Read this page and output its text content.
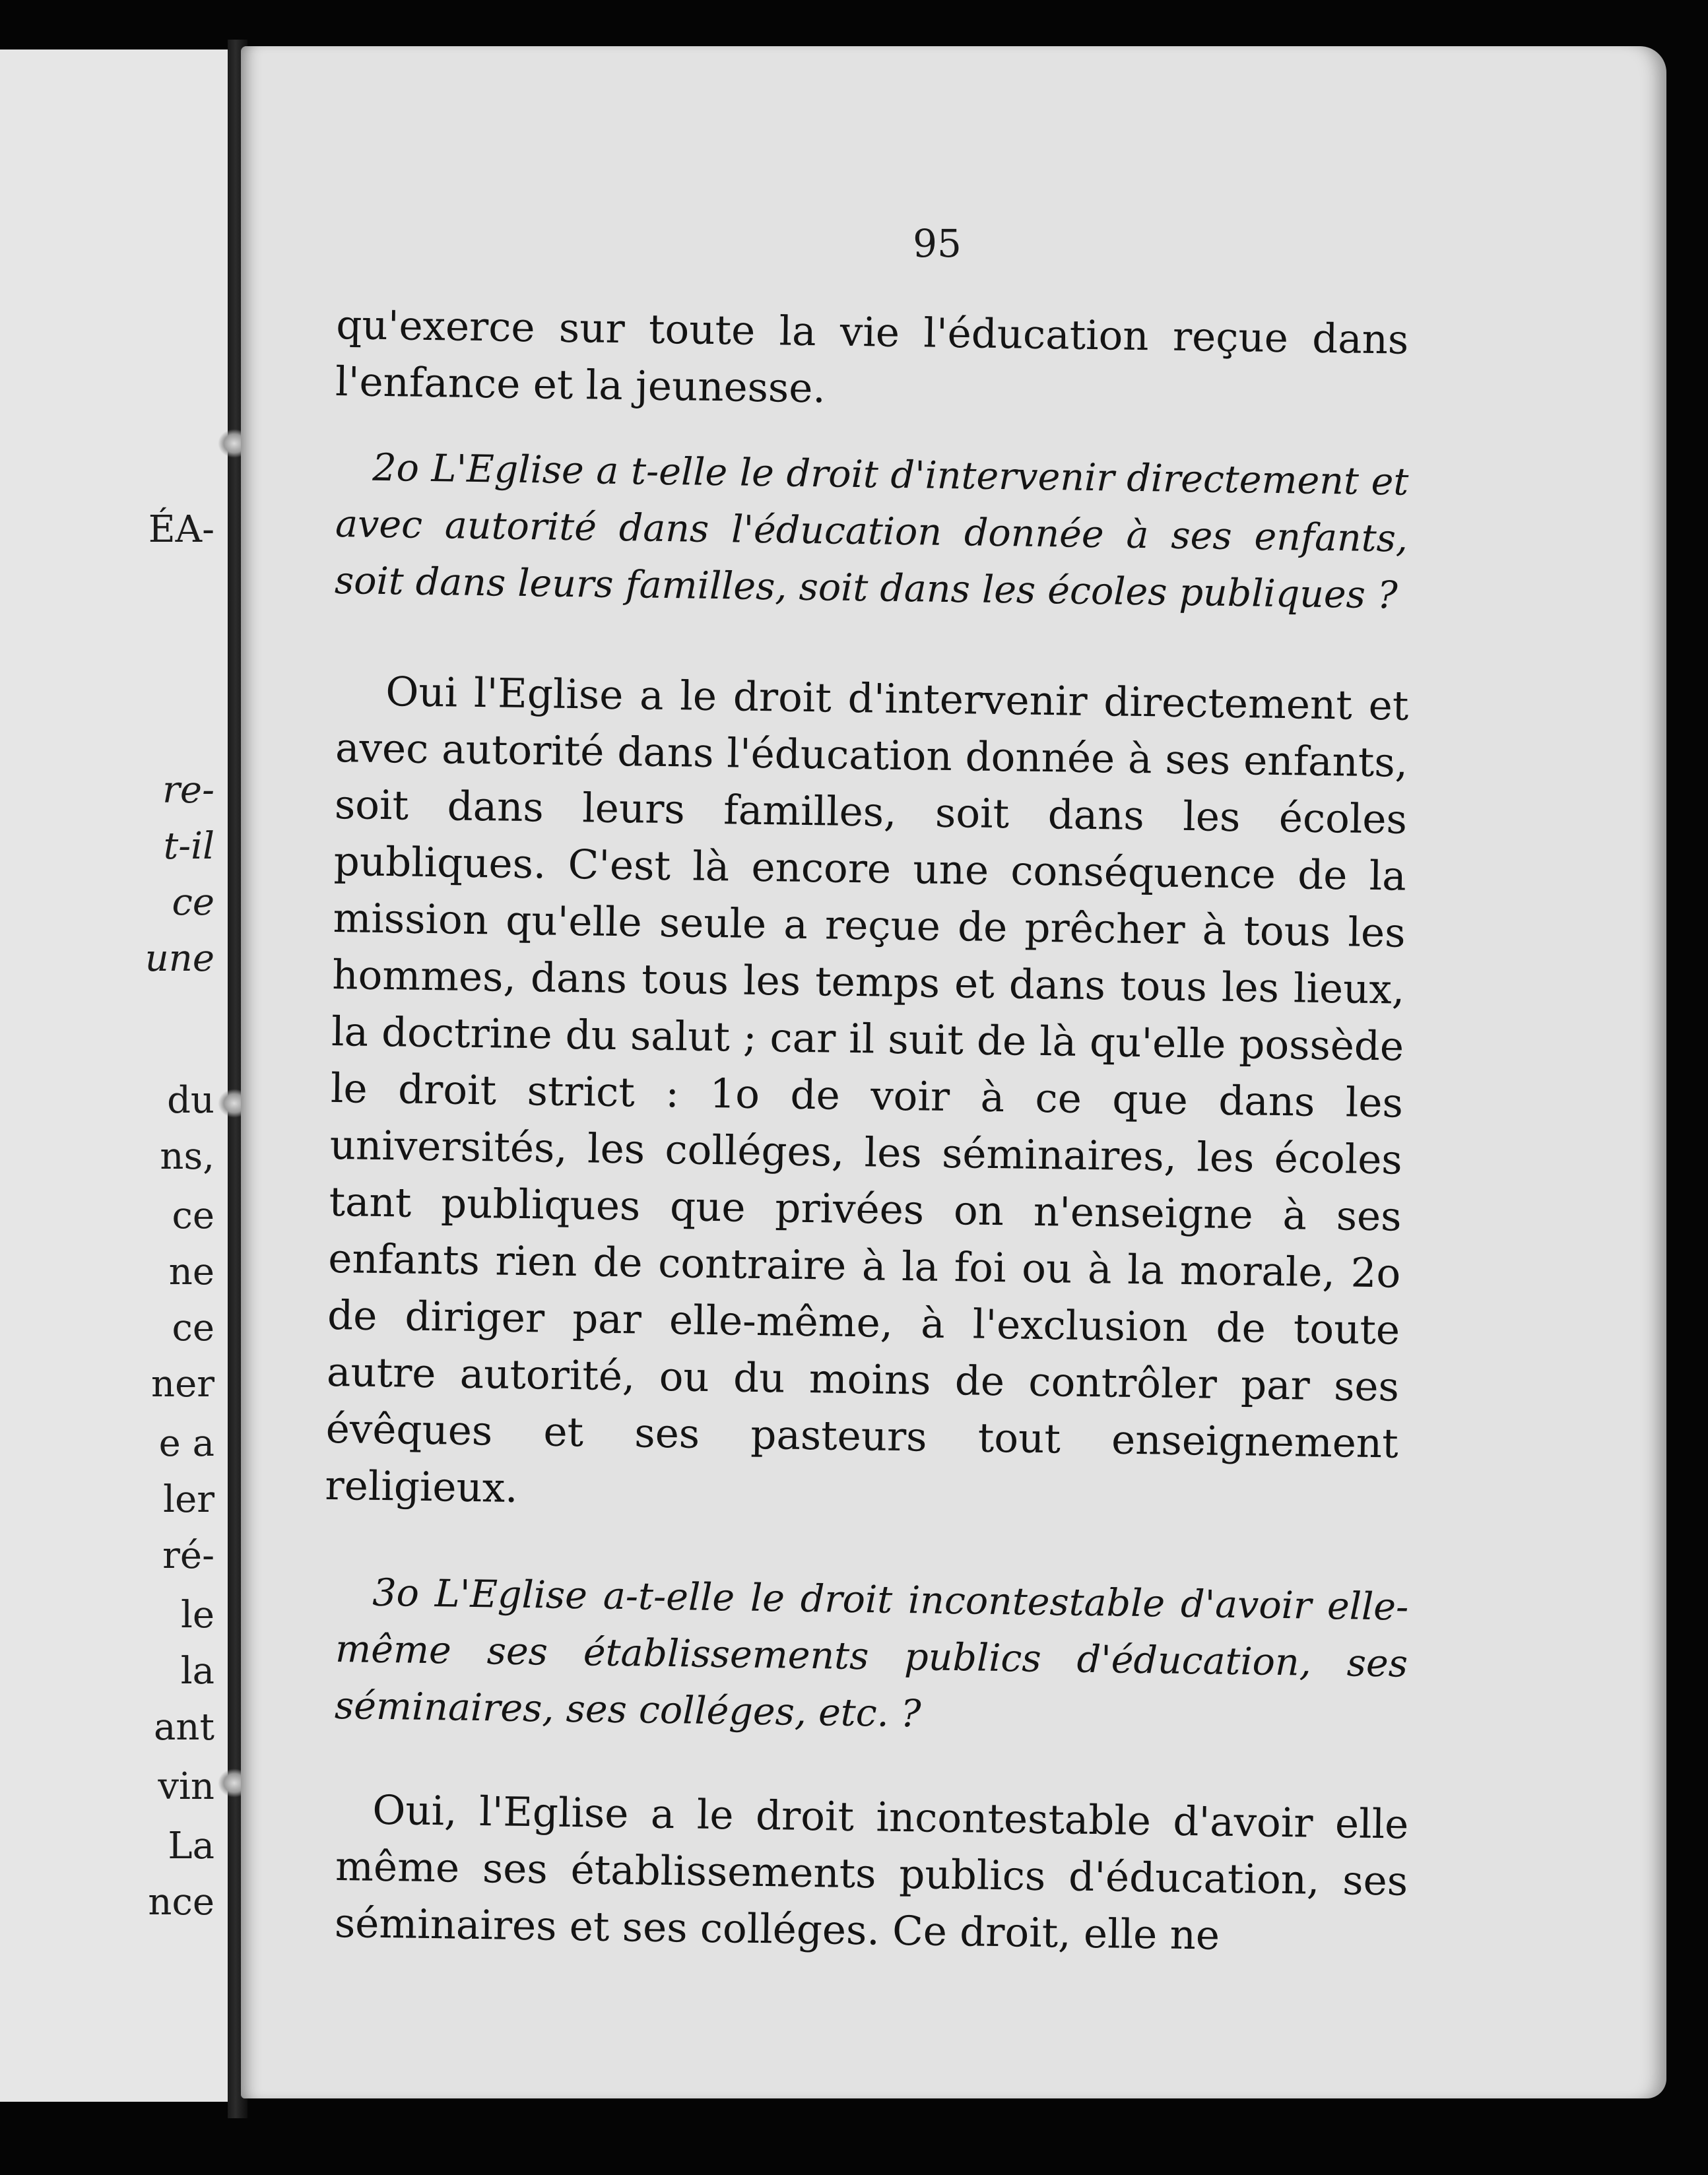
ÉA-

re-

t-il

ce

une

du

ns,

ce

ne

ce

ner

e a

ler

ré-

le

la

ant

vin

La

nce

95

qu'exerce sur toute la vie l'éducation reçue dans l'enfance et la jeunesse.

2o L'Eglise a t-elle le droit d'intervenir directement et avec autorité dans l'éducation donnée à ses enfants, soit dans leurs familles, soit dans les écoles publiques ?

Oui l'Eglise a le droit d'intervenir directement et avec autorité dans l'éducation donnée à ses enfants, soit dans leurs familles, soit dans les écoles publiques. C'est là encore une conséquence de la mission qu'elle seule a reçue de prêcher à tous les hommes, dans tous les temps et dans tous les lieux, la doctrine du salut ; car il suit de là qu'elle possède le droit strict : 1o de voir à ce que dans les universités, les colléges, les séminaires, les écoles tant publiques que privées on n'enseigne à ses enfants rien de contraire à la foi ou à la morale, 2o de diriger par elle-même, à l'exclusion de toute autre autorité, ou du moins de contrôler par ses évêques et ses pasteurs tout enseignement religieux.

3o L'Eglise a-t-elle le droit incontestable d'avoir elle-même ses établissements publics d'éducation, ses séminaires, ses colléges, etc. ?

Oui, l'Eglise a le droit incontestable d'avoir elle même ses établissements publics d'éducation, ses séminaires et ses colléges. Ce droit, elle ne
